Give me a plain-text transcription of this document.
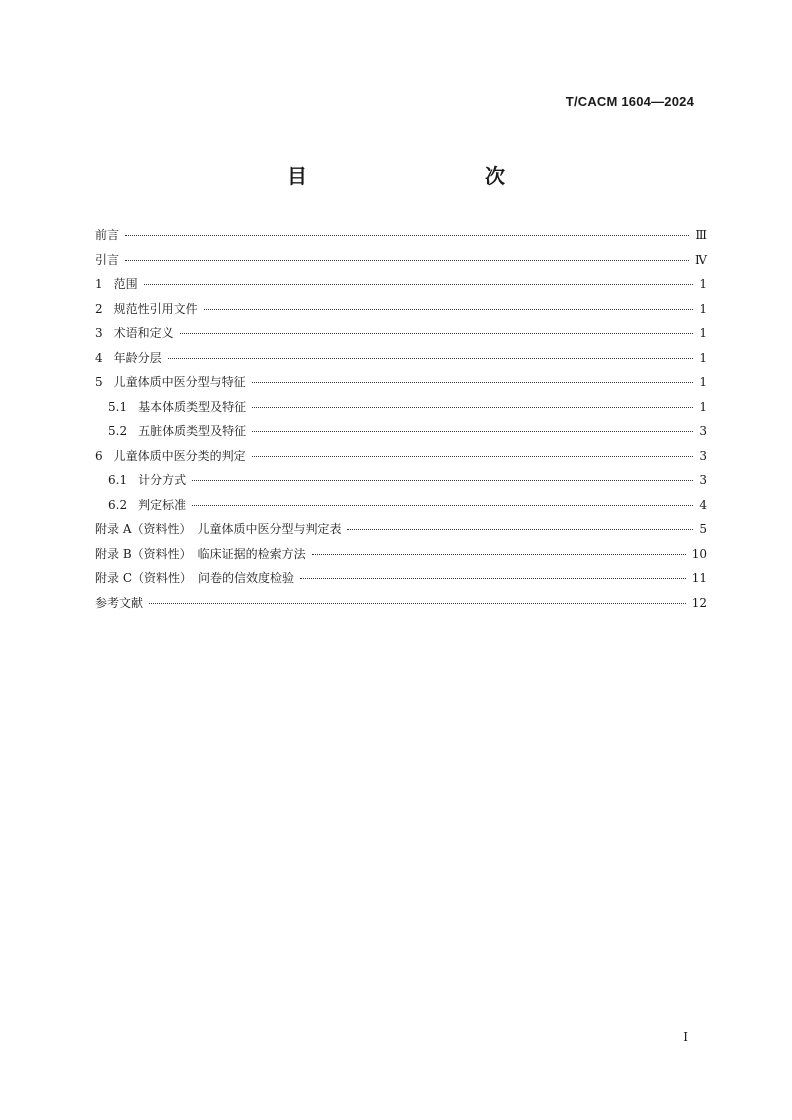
T/CACM 1604—2024
目　　次
前言	Ⅲ
引言	Ⅳ
1 范围	1
2 规范性引用文件	1
3 术语和定义	1
4 年龄分层	1
5 儿童体质中医分型与特征	1
5.1 基本体质类型及特征	1
5.2 五脏体质类型及特征	3
6 儿童体质中医分类的判定	3
6.1 计分方式	3
6.2 判定标准	4
附录 A（资料性）　儿童体质中医分型与判定表	5
附录 B（资料性）　临床证据的检索方法	10
附录 C（资料性）　问卷的信效度检验	11
参考文献	12
I
